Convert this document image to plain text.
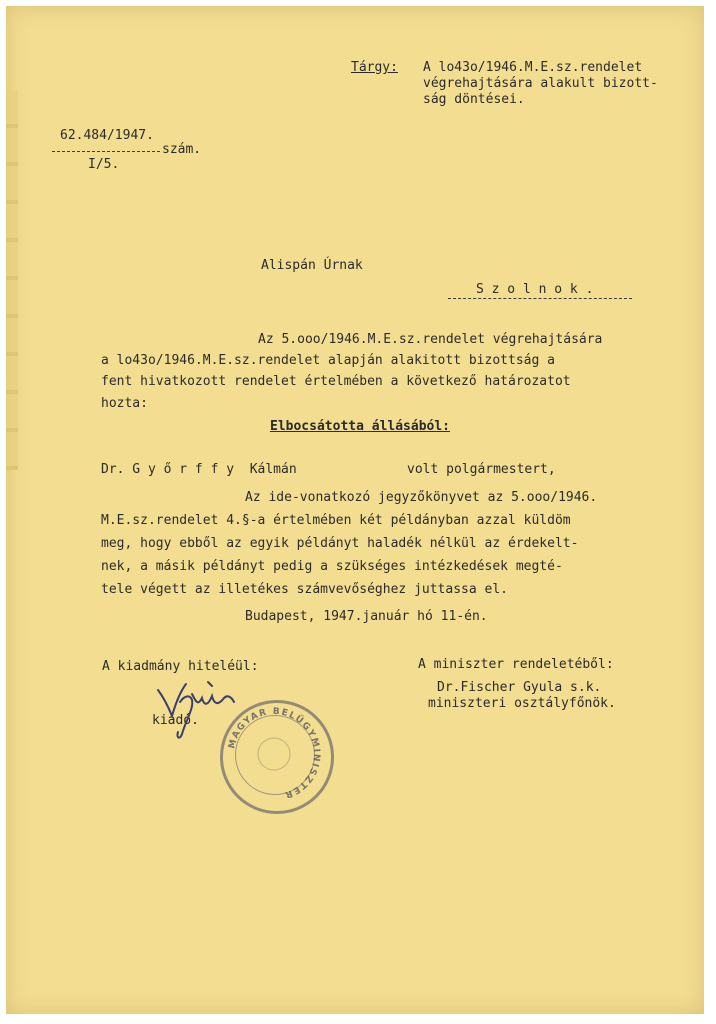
Tárgy: A lo43o/1946.M.E.sz.rendelet
végrehajtására alakult bizott-
ság döntései.
62.484/1947.
szám.
I/5.
Alispán Úrnak
S z o l n o k .
Az 5.ooo/1946.M.E.sz.rendelet végrehajtására
a lo43o/1946.M.E.sz.rendelet alapján alakitott bizottság a
fent hivatkozott rendelet értelmében a következő határozatot
hozta:
Elbocsátotta állásából:
Dr. G y ő r f f y  Kálmán	volt polgármestert,
Az ide-vonatkozó jegyzőkönyvet az 5.ooo/1946.
M.E.sz.rendelet 4.§-a értelmében két példányban azzal küldöm
meg, hogy ebből az egyik példányt haladék nélkül az érdekelt-
nek, a másik példányt pedig a szükséges intézkedések megté-
tele végett az illetékes számvevőséghez juttassa el.
Budapest, 1947.január hó 11-én.
A kiadmány hiteléül:
kiadó.
A miniszter rendeletéből:
Dr.Fischer Gyula s.k.
miniszteri osztályfőnök.
MAGYAR BELÜGYMINISZTER
